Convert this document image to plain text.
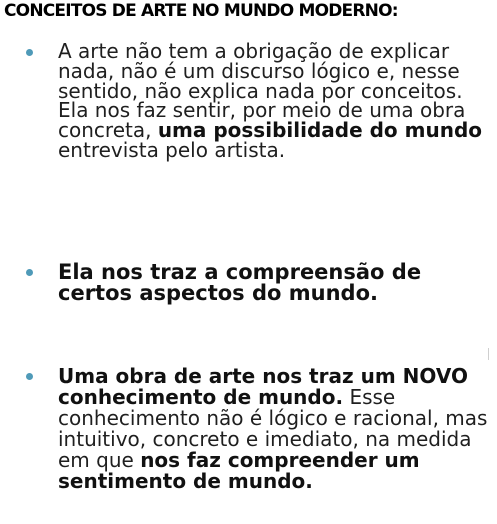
CONCEITOS DE ARTE NO MUNDO MODERNO:

A arte não tem a obrigação de explicar nada, não é um discurso lógico e, nesse sentido, não explica nada por conceitos. Ela nos faz sentir, por meio de uma obra concreta, uma possibilidade do mundo entrevista pelo artista.

Ela nos traz a compreensão de certos aspectos do mundo.

Uma obra de arte nos traz um NOVO conhecimento de mundo. Esse conhecimento não é lógico e racional, mas intuitivo, concreto e imediato, na medida em que nos faz compreender um sentimento de mundo.
